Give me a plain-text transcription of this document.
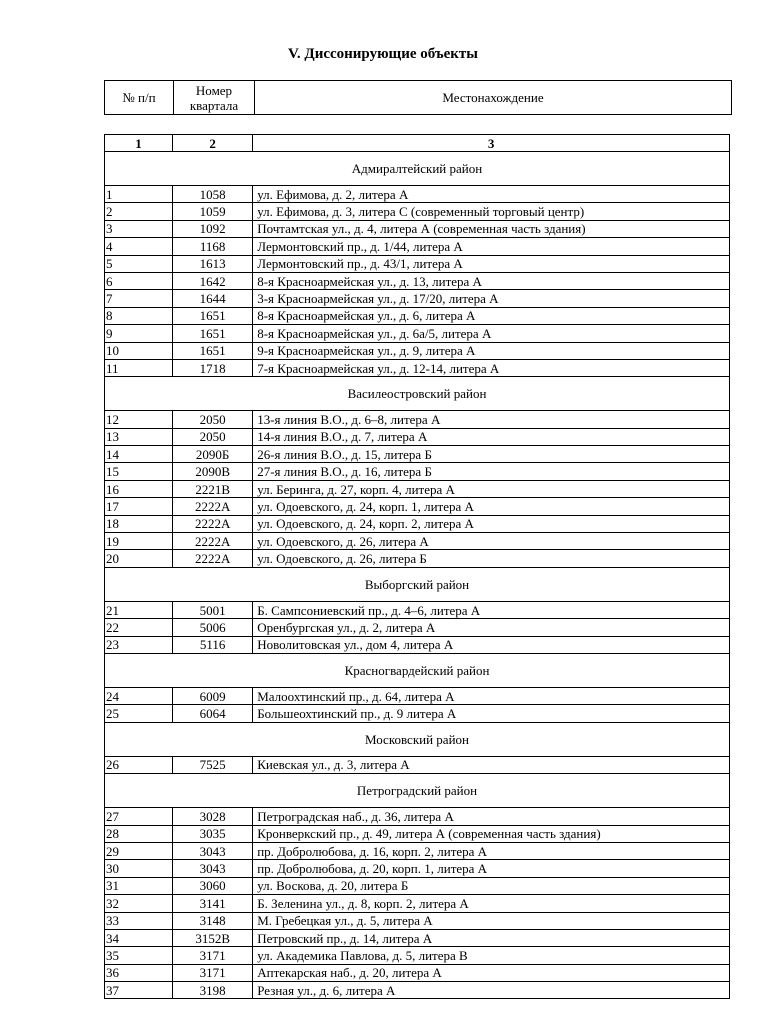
V. Диссонирующие объекты
№ п/п	Номер квартала	Местонахождение
1	2	3
Адмиралтейский район		
1	1058	ул. Ефимова, д. 2, литера А
2	1059	ул. Ефимова, д. 3, литера С (современный торговый центр)
3	1092	Почтамтская ул., д. 4, литера А (современная часть здания)
4	1168	Лермонтовский пр., д. 1/44, литера А
5	1613	Лермонтовский пр., д. 43/1, литера А
6	1642	8-я Красноармейская ул., д. 13, литера А
7	1644	3-я Красноармейская ул., д. 17/20, литера А
8	1651	8-я Красноармейская ул., д. 6, литера А
9	1651	8-я Красноармейская ул., д. 6а/5, литера А
10	1651	9-я Красноармейская ул., д. 9, литера А
11	1718	7-я Красноармейская ул., д. 12-14, литера А
Василеостровский район		
12	2050	13-я линия В.О., д. 6–8, литера А
13	2050	14-я линия В.О., д. 7, литера А
14	2090Б	26-я линия В.О., д. 15, литера Б
15	2090В	27-я линия В.О., д. 16, литера Б
16	2221В	ул. Беринга, д. 27, корп. 4, литера А
17	2222А	ул. Одоевского, д. 24, корп. 1, литера А
18	2222А	ул. Одоевского, д. 24, корп. 2, литера А
19	2222А	ул. Одоевского, д. 26, литера А
20	2222А	ул. Одоевского, д. 26, литера Б
Выборгский район		
21	5001	Б. Сампсониевский пр., д. 4–6, литера А
22	5006	Оренбургская ул., д. 2, литера А
23	5116	Новолитовская ул., дом 4, литера А
Красногвардейский район		
24	6009	Малоохтинский пр., д. 64, литера А
25	6064	Большеохтинский пр., д. 9 литера А
Московский район		
26	7525	Киевская ул., д. 3, литера А
Петроградский район		
27	3028	Петроградская наб., д. 36, литера А
28	3035	Кронверкский пр., д. 49, литера А (современная часть здания)
29	3043	пр. Добролюбова, д. 16, корп. 2, литера А
30	3043	пр. Добролюбова, д. 20, корп. 1, литера А
31	3060	ул. Воскова, д. 20, литера Б
32	3141	Б. Зеленина ул., д. 8, корп. 2, литера А
33	3148	М. Гребецкая ул., д. 5, литера А
34	3152В	Петровский пр., д. 14, литера А
35	3171	ул. Академика Павлова, д. 5, литера В
36	3171	Аптекарская наб., д. 20, литера А
37	3198	Резная ул., д. 6, литера А
